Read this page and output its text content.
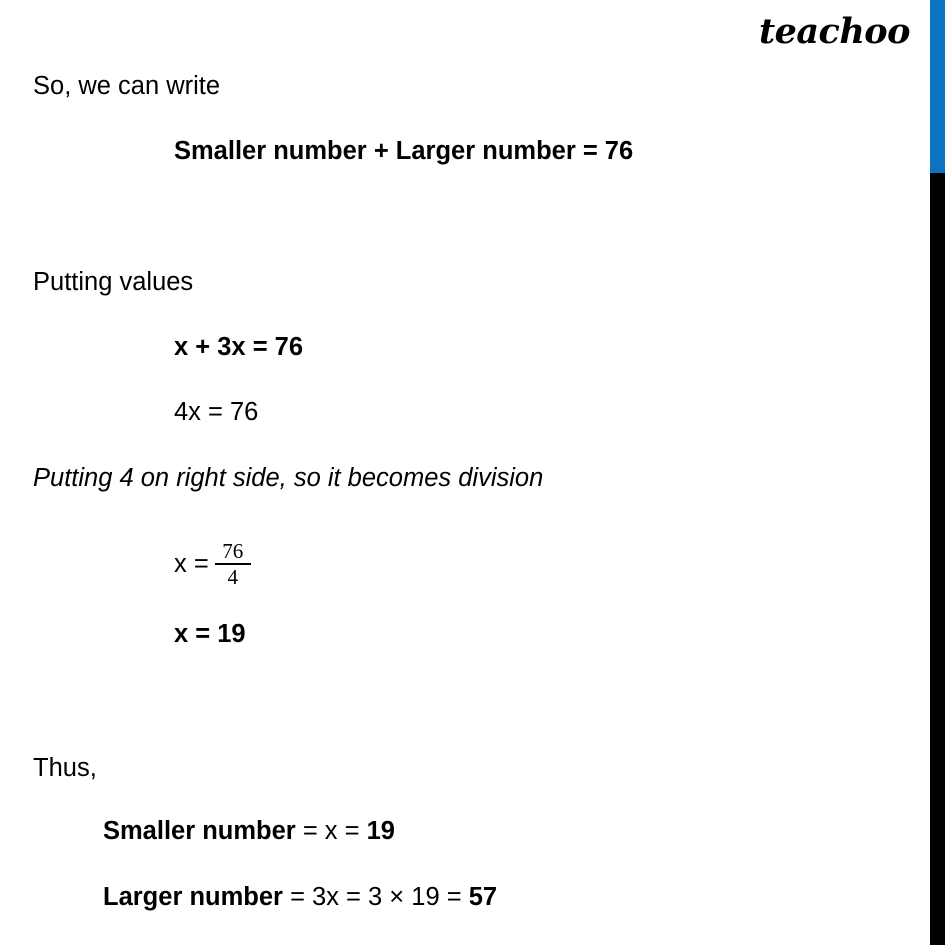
teachoo
So, we can write
Smaller number + Larger number = 76
Putting values
x + 3x = 76
4x = 76
Putting 4 on right side, so it becomes division
$x = \frac{76}{4}$
x = 19
Thus,
Smaller number = x = 19
Larger number = 3x = 3 × 19 = 57
